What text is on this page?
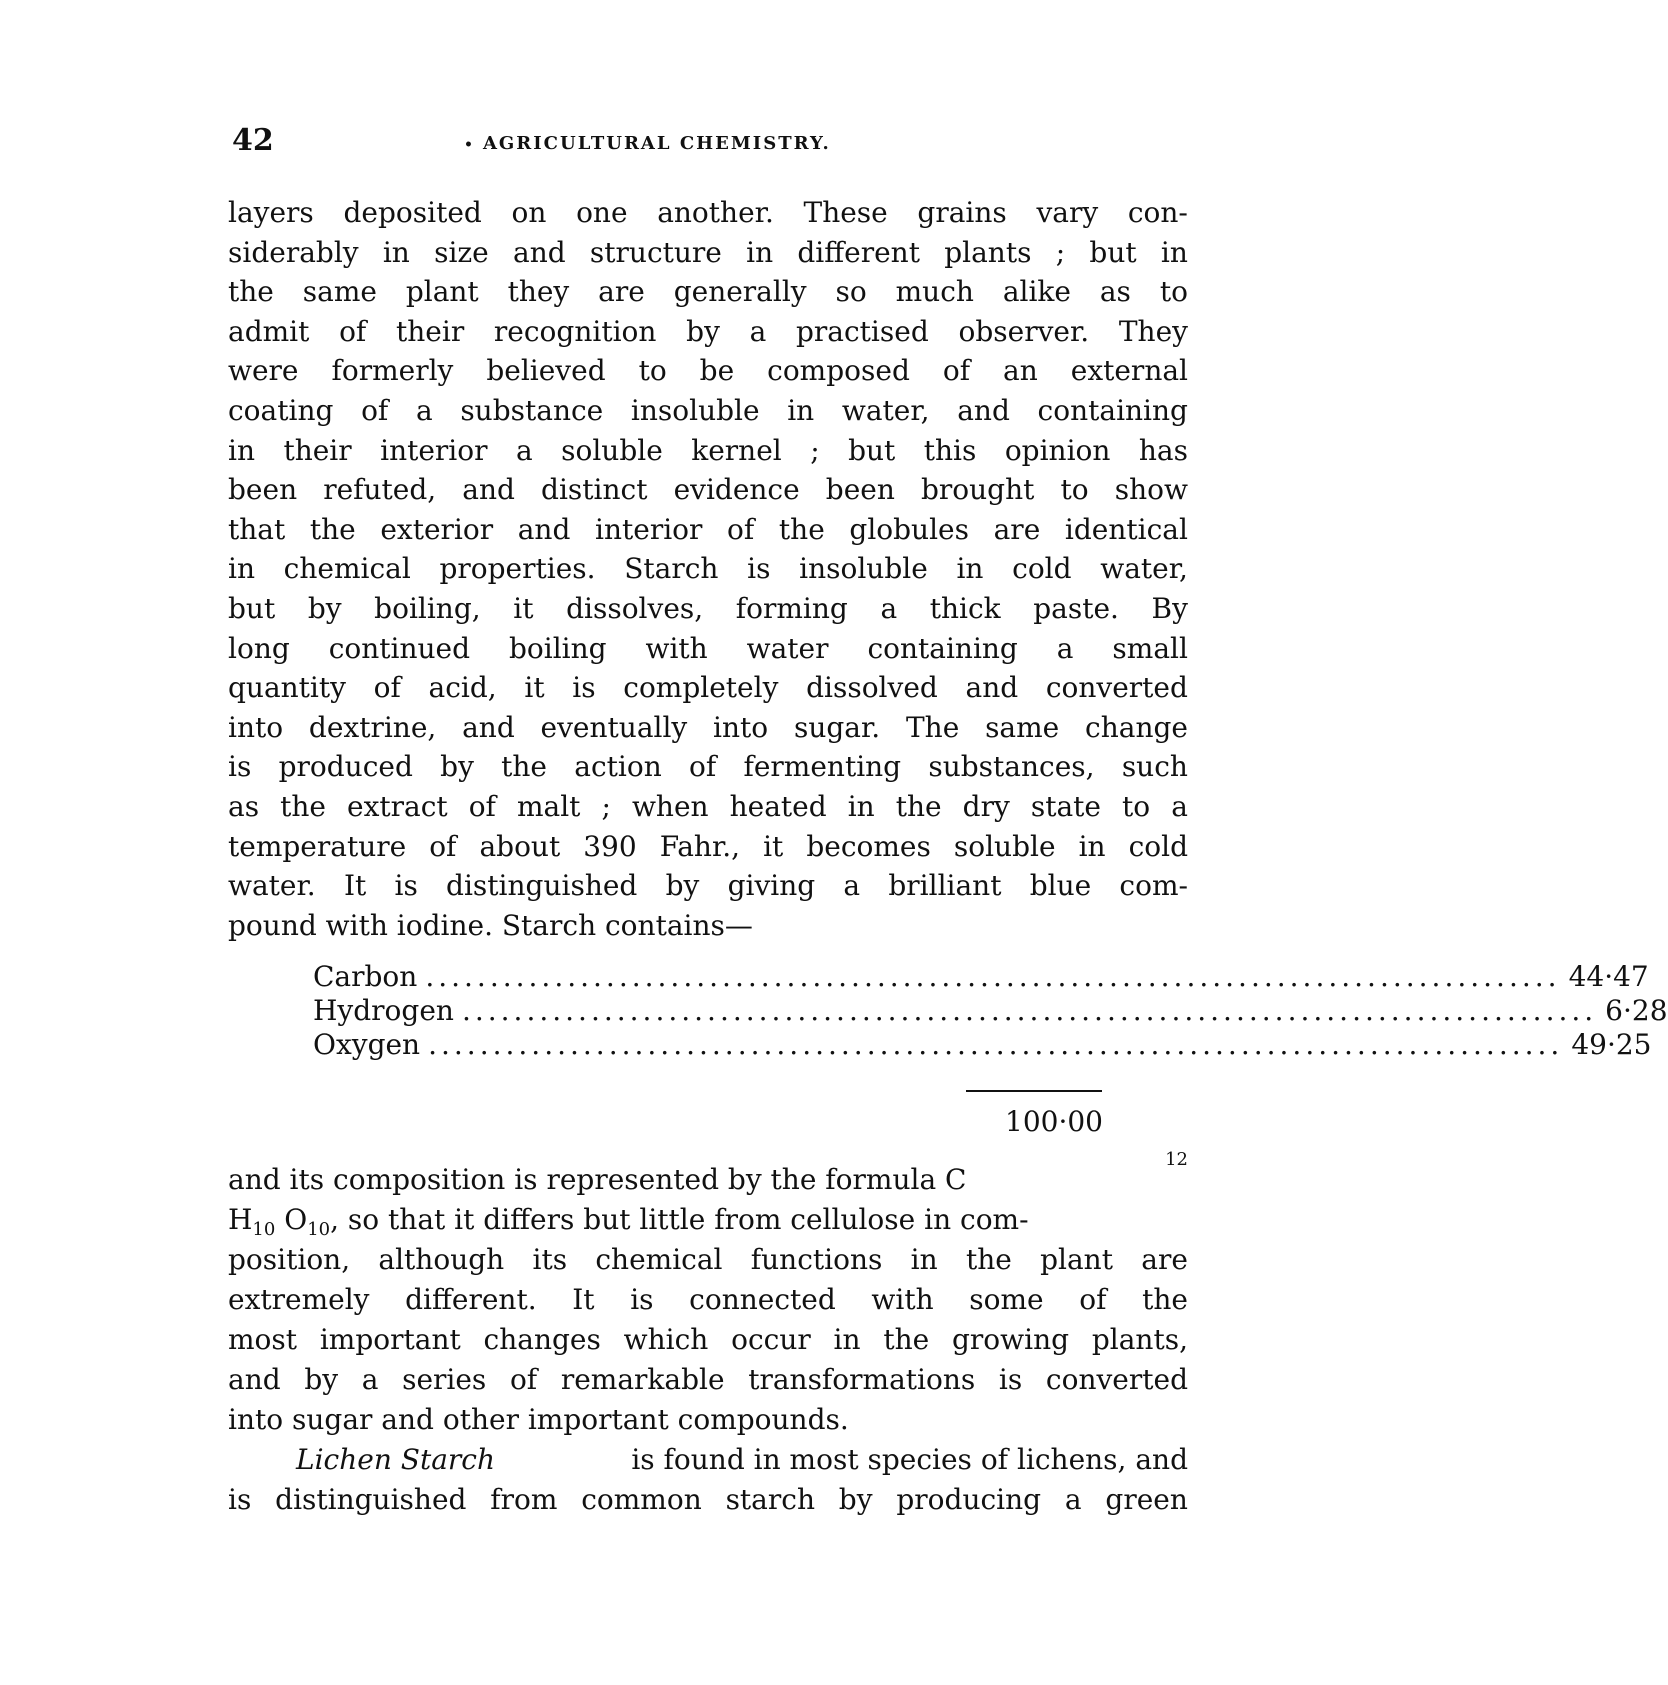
42	• AGRICULTURAL CHEMISTRY.
layers deposited on one another. These grains vary con-
siderably in size and structure in different plants ; but in
the same plant they are generally so much alike as to
admit of their recognition by a practised observer. They
were formerly believed to be composed of an external
coating of a substance insoluble in water, and containing
in their interior a soluble kernel ; but this opinion has
been refuted, and distinct evidence been brought to show
that the exterior and interior of the globules are identical
in chemical properties. Starch is insoluble in cold water,
but by boiling, it dissolves, forming a thick paste. By
long continued boiling with water containing a small
quantity of acid, it is completely dissolved and converted
into dextrine, and eventually into sugar. The same change
is produced by the action of fermenting substances, such
as the extract of malt ; when heated in the dry state to a
temperature of about 390 Fahr., it becomes soluble in cold
water. It is distinguished by giving a brilliant blue com-
pound with iodine. Starch contains—
Carbon ........................................................................................ 44·47
Hydrogen ........................................................................................ 6·28
Oxygen ........................................................................................ 49·25
100·00
and its composition is represented by the formula C
12
$H_{10}$ $O_{10}$, so that it differs but little from cellulose in com-
position, although its chemical functions in the plant are
extremely different. It is connected with some of the
most important changes which occur in the growing plants,
and by a series of remarkable transformations is converted
into sugar and other important compounds.
Lichen Starch	is found in most species of lichens, and
is distinguished from common starch by producing a green
